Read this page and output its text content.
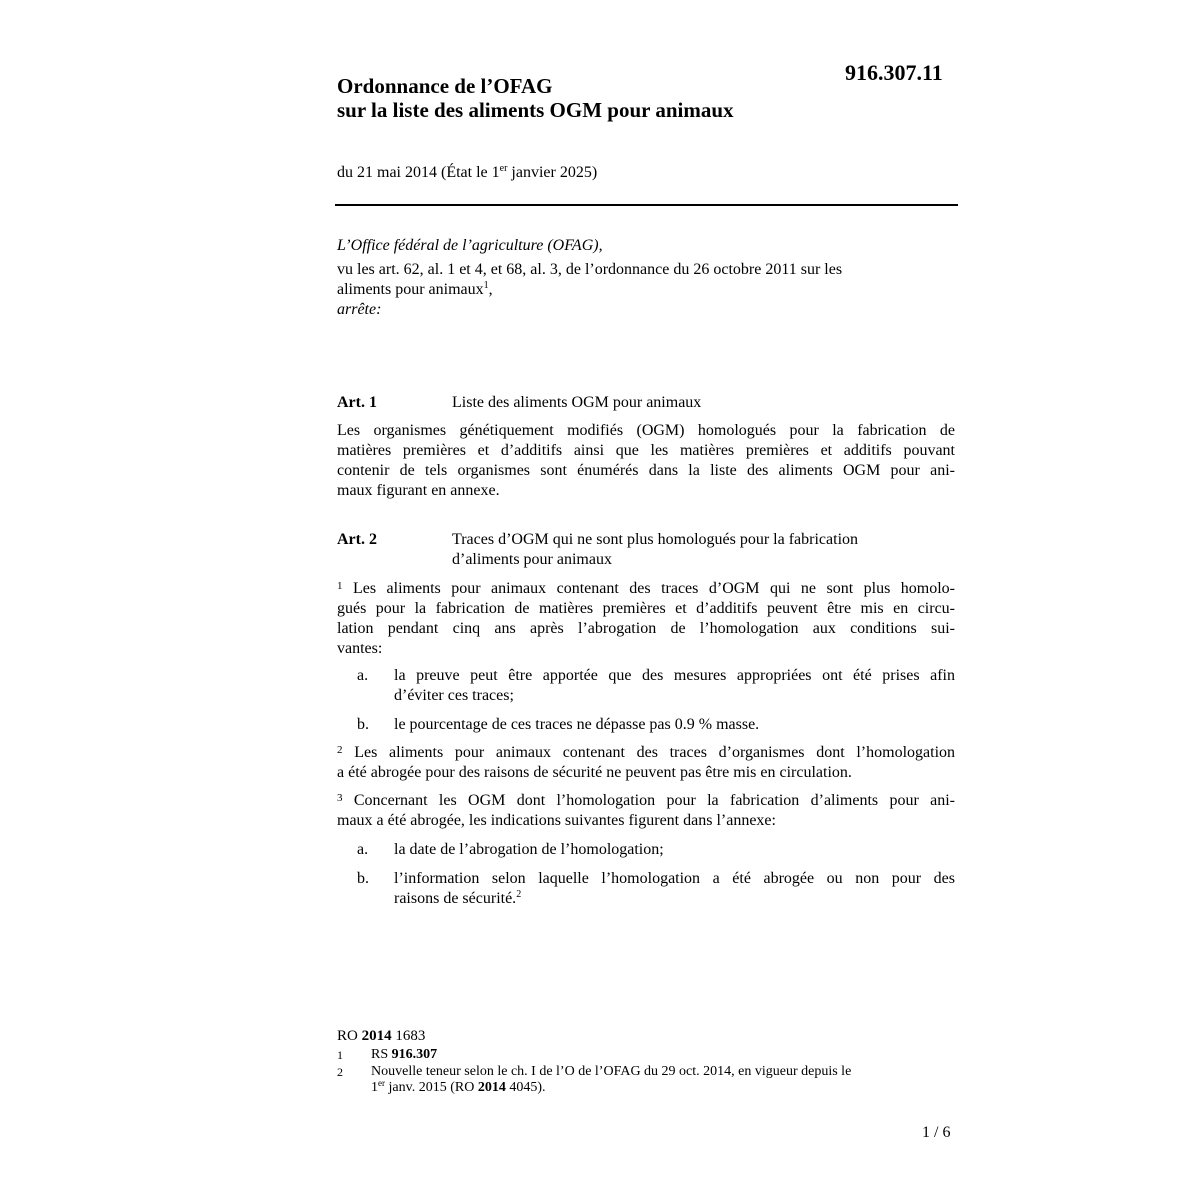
916.307.11
Ordonnance de l’OFAG
sur la liste des aliments OGM pour animaux
du 21 mai 2014 (État le 1er janvier 2025)
L’Office fédéral de l’agriculture (OFAG),
vu les art. 62, al. 1 et 4, et 68, al. 3, de l’ordonnance du 26 octobre 2011 sur les
aliments pour animaux$^1$,
arrête:
Art. 1	Liste des aliments OGM pour animaux
Les organismes génétiquement modifiés (OGM) homologués pour la fabrication de
matières premières et d’additifs ainsi que les matières premières et additifs pouvant
contenir de tels organismes sont énumérés dans la liste des aliments OGM pour ani-
maux figurant en annexe.
Art. 2	Traces d’OGM qui ne sont plus homologués pour la fabrication
d’aliments pour animaux
$^1$ Les aliments pour animaux contenant des traces d’OGM qui ne sont plus homolo-
gués pour la fabrication de matières premières et d’additifs peuvent être mis en circu-
lation pendant cinq ans après l’abrogation de l’homologation aux conditions sui-
vantes:
a. la preuve peut être apportée que des mesures appropriées ont été prises afin
d’éviter ces traces;
b. le pourcentage de ces traces ne dépasse pas 0.9 % masse.
$^2$ Les aliments pour animaux contenant des traces d’organismes dont l’homologation
a été abrogée pour des raisons de sécurité ne peuvent pas être mis en circulation.
$^3$ Concernant les OGM dont l’homologation pour la fabrication d’aliments pour ani-
maux a été abrogée, les indications suivantes figurent dans l’annexe:
a. la date de l’abrogation de l’homologation;
b. l’information selon laquelle l’homologation a été abrogée ou non pour des
raisons de sécurité.$^2$
RO 2014 1683
1 RS 916.307
2 Nouvelle teneur selon le ch. I de l’O de l’OFAG du 29 oct. 2014, en vigueur depuis le
1er janv. 2015 (RO 2014 4045).
1 / 6
